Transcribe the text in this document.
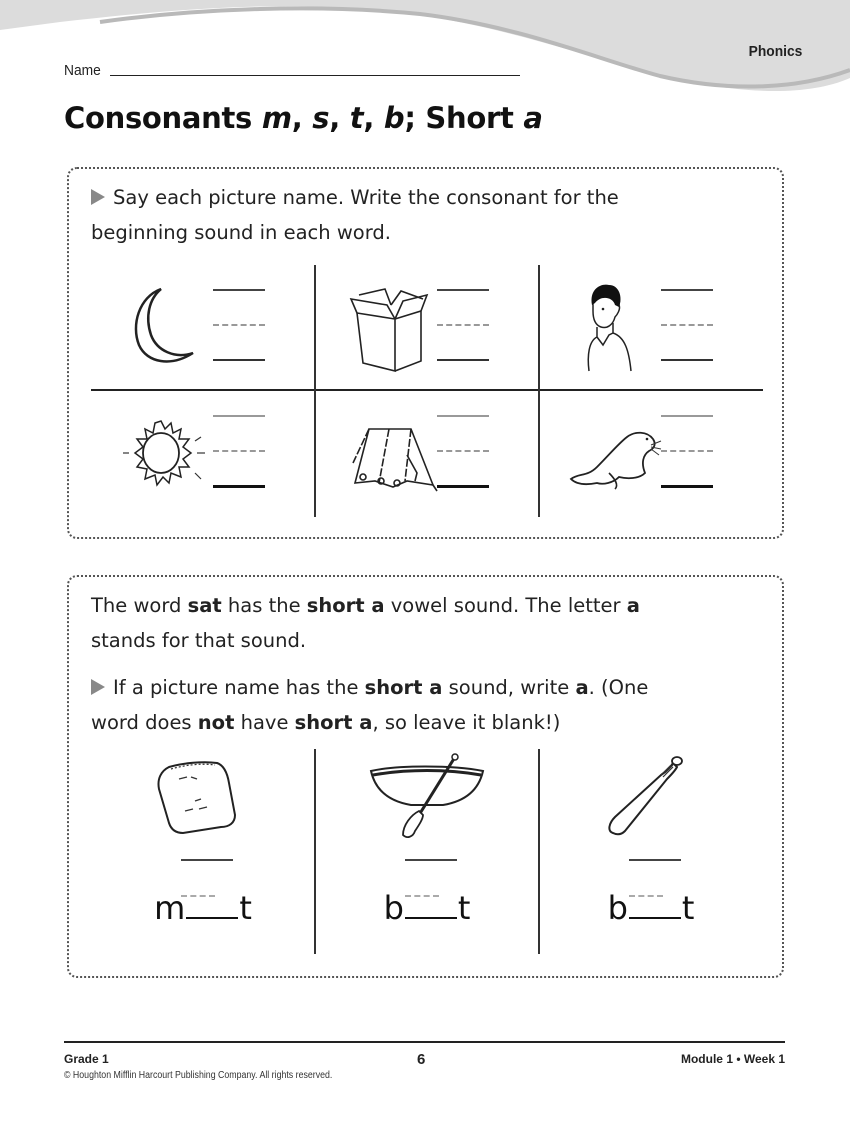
Phonics
Name
Consonants m, s, t, b; Short a
Say each picture name. Write the consonant for the
beginning sound in each word.
The word sat has the short a vowel sound. The letter a
stands for that sound.
If a picture name has the short a sound, write a. (One
word does not have short a, so leave it blank!)
m t	b t	b t
Grade 1
© Houghton Mifflin Harcourt Publishing Company. All rights reserved.
6	Module 1 • Week 1
